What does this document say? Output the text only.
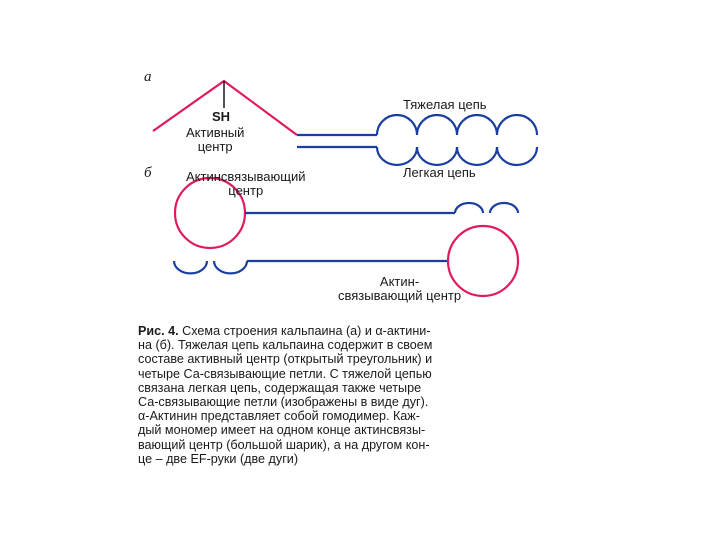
а
SH
Активный
центр
Тяжелая цепь
Легкая цепь
б	Актинсвязывающий
центр
Актин-
связывающий центр
Рис. 4. Схема строения кальпаина (а) и α-актини-
на (б). Тяжелая цепь кальпаина содержит в своем
составе активный центр (открытый треугольник) и
четыре Са-связывающие петли. С тяжелой цепью
связана легкая цепь, содержащая также четыре
Са-связывающие петли (изображены в виде дуг).
α-Актинин представляет собой гомодимер. Каж-
дый мономер имеет на одном конце актинсвязы-
вающий центр (большой шарик), а на другом кон-
це – две EF-руки (две дуги)
